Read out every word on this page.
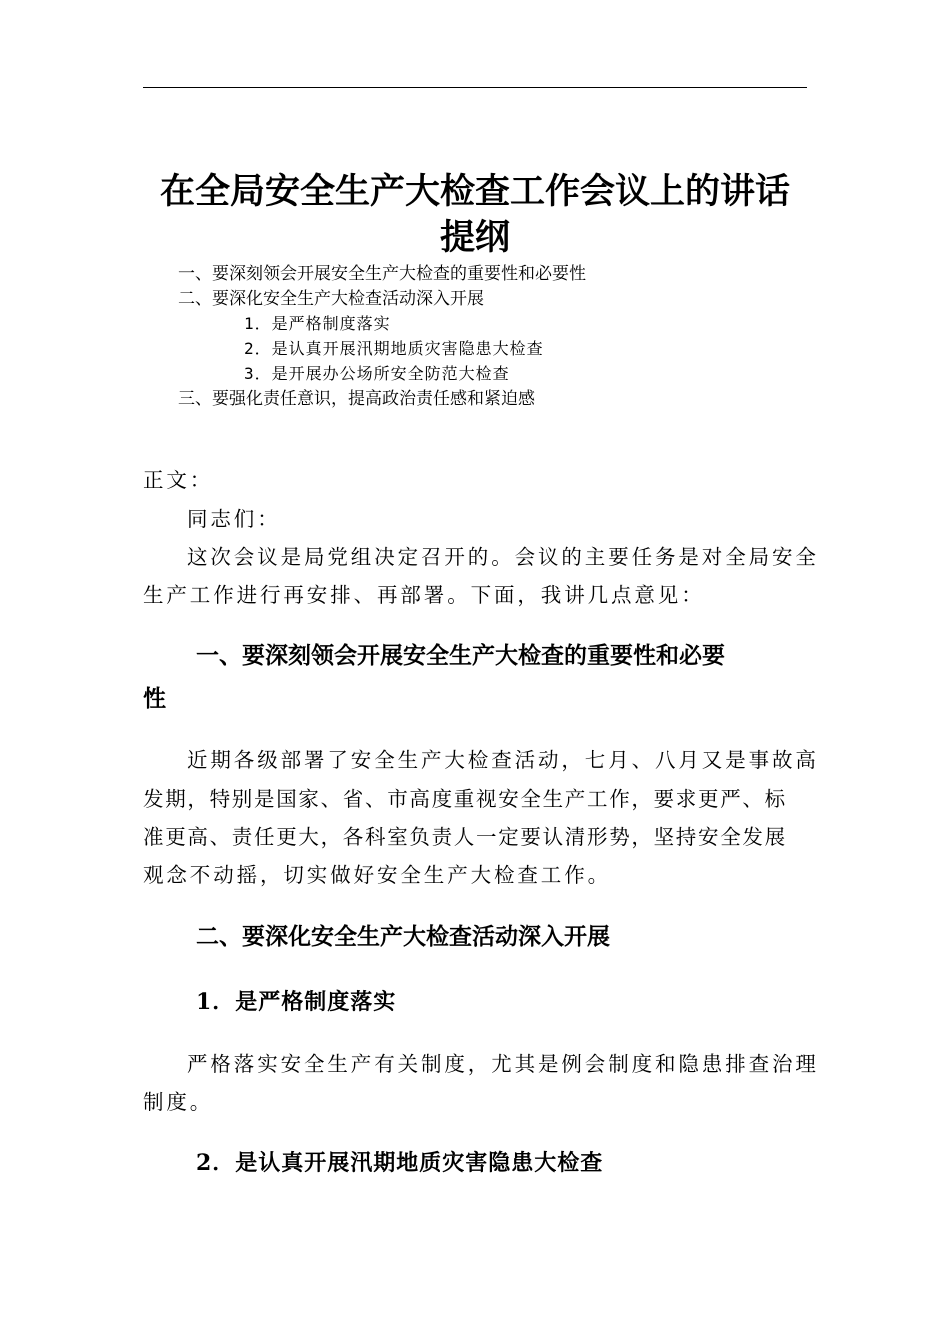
在全局安全生产大检查工作会议上的讲话
提纲
一、要深刻领会开展安全生产大检查的重要性和必要性
二、要深化安全生产大检查活动深入开展
1．是严格制度落实
2．是认真开展汛期地质灾害隐患大检查
3．是开展办公场所安全防范大检查
三、要强化责任意识，提高政治责任感和紧迫感

正文：

同志们：

这次会议是局党组决定召开的。会议的主要任务是对全局安全

生产工作进行再安排、再部署。下面，我讲几点意见：

一、要深刻领会开展安全生产大检查的重要性和必要
性

近期各级部署了安全生产大检查活动，七月、八月又是事故高

发期，特别是国家、省、市高度重视安全生产工作，要求更严、标

准更高、责任更大，各科室负责人一定要认清形势，坚持安全发展

观念不动摇，切实做好安全生产大检查工作。

二、要深化安全生产大检查活动深入开展
1．是严格制度落实

严格落实安全生产有关制度，尤其是例会制度和隐患排查治理

制度。

2．是认真开展汛期地质灾害隐患大检查
